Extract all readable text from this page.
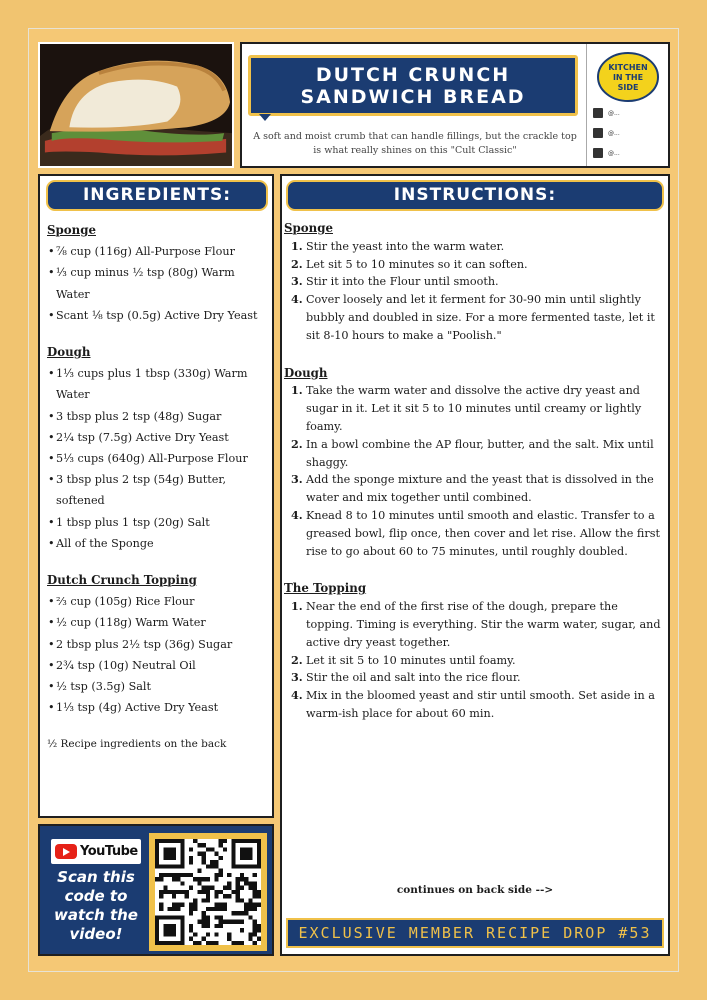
DUTCH CRUNCH
SANDWICH BREAD
A soft and moist crumb that can handle fillings, but the crackle top is what really shines on this "Cult Classic"
KITCHEN
IN THE
SIDE
@...
@...
@...
INGREDIENTS:
Sponge
• ⅞ cup (116g) All-Purpose Flour
• ⅓ cup minus ½ tsp (80g) Warm Water
• Scant ⅛ tsp (0.5g) Active Dry Yeast
Dough
• 1⅓ cups plus 1 tbsp (330g) Warm Water
• 3 tbsp plus 2 tsp (48g) Sugar
• 2¼ tsp (7.5g) Active Dry Yeast
• 5⅓ cups (640g) All-Purpose Flour
• 3 tbsp plus 2 tsp (54g) Butter, softened
• 1 tbsp plus 1 tsp (20g) Salt
• All of the Sponge
Dutch Crunch Topping
• ⅔ cup (105g) Rice Flour
• ½ cup (118g) Warm Water
• 2 tbsp plus 2½ tsp (36g) Sugar
• 2¾ tsp (10g) Neutral Oil
• ½ tsp (3.5g) Salt
• 1⅓ tsp (4g) Active Dry Yeast
½ Recipe ingredients on the back
YouTube
Scan this code to watch the video!
INSTRUCTIONS:
Sponge
1. Stir the yeast into the warm water.
2. Let sit 5 to 10 minutes so it can soften.
3. Stir it into the Flour until smooth.
4. Cover loosely and let it ferment for 30-90 min until slightly bubbly and doubled in size. For a more fermented taste, let it sit 8-10 hours to make a "Poolish."
Dough
1. Take the warm water and dissolve the active dry yeast and sugar in it. Let it sit 5 to 10 minutes until creamy or lightly foamy.
2. In a bowl combine the AP flour, butter, and the salt. Mix until shaggy.
3. Add the sponge mixture and the yeast that is dissolved in the water and mix together until combined.
4. Knead 8 to 10 minutes until smooth and elastic. Transfer to a greased bowl, flip once, then cover and let rise. Allow the first rise to go about 60 to 75 minutes, until roughly doubled.
The Topping
1. Near the end of the first rise of the dough, prepare the topping. Timing is everything. Stir the warm water, sugar, and active dry yeast together.
2. Let it sit 5 to 10 minutes until foamy.
3. Stir the oil and salt into the rice flour.
4. Mix in the bloomed yeast and stir until smooth. Set aside in a warm-ish place for about 60 min.
continues on back side -->
EXCLUSIVE MEMBER RECIPE DROP #53
